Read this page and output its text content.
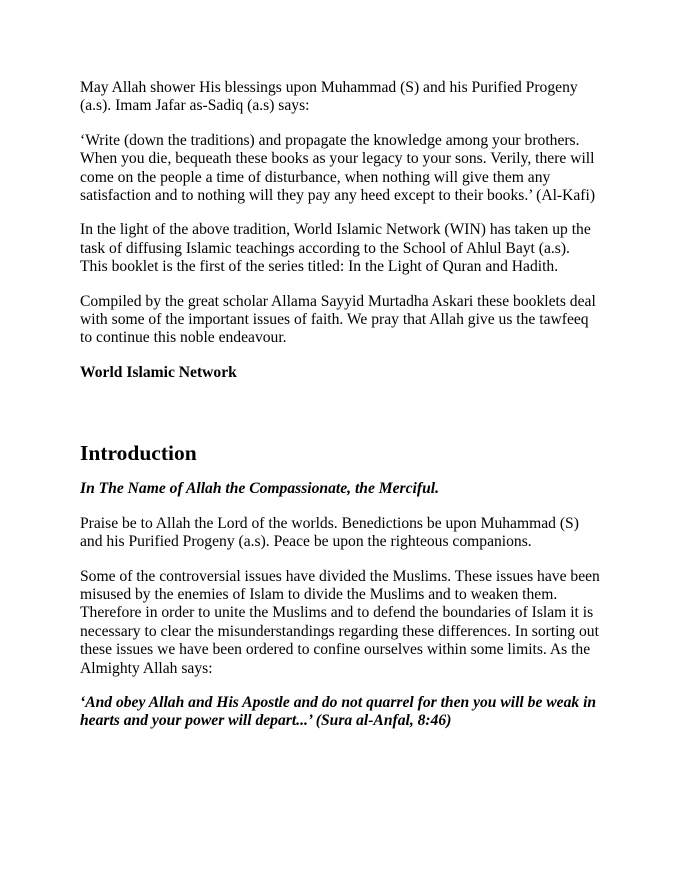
May Allah shower His blessings upon Muhammad (S) and his Purified Progeny (a.s). Imam Jafar as-Sadiq (a.s) says:

‘Write (down the traditions) and propagate the knowledge among your brothers. When you die, bequeath these books as your legacy to your sons. Verily, there will come on the people a time of disturbance, when nothing will give them any satisfaction and to nothing will they pay any heed except to their books.’ (Al-Kafi)

In the light of the above tradition, World Islamic Network (WIN) has taken up the task of diffusing Islamic teachings according to the School of Ahlul Bayt (a.s). This booklet is the first of the series titled: In the Light of Quran and Hadith.

Compiled by the great scholar Allama Sayyid Murtadha Askari these booklets deal with some of the important issues of faith. We pray that Allah give us the tawfeeq to continue this noble endeavour.

World Islamic Network

Introduction

In The Name of Allah the Compassionate, the Merciful.

Praise be to Allah the Lord of the worlds. Benedictions be upon Muhammad (S) and his Purified Progeny (a.s). Peace be upon the righteous companions.

Some of the controversial issues have divided the Muslims. These issues have been misused by the enemies of Islam to divide the Muslims and to weaken them. Therefore in order to unite the Muslims and to defend the boundaries of Islam it is necessary to clear the misunderstandings regarding these differences. In sorting out these issues we have been ordered to confine ourselves within some limits. As the Almighty Allah says:

‘And obey Allah and His Apostle and do not quarrel for then you will be weak in hearts and your power will depart...’ (Sura al-Anfal, 8:46)
